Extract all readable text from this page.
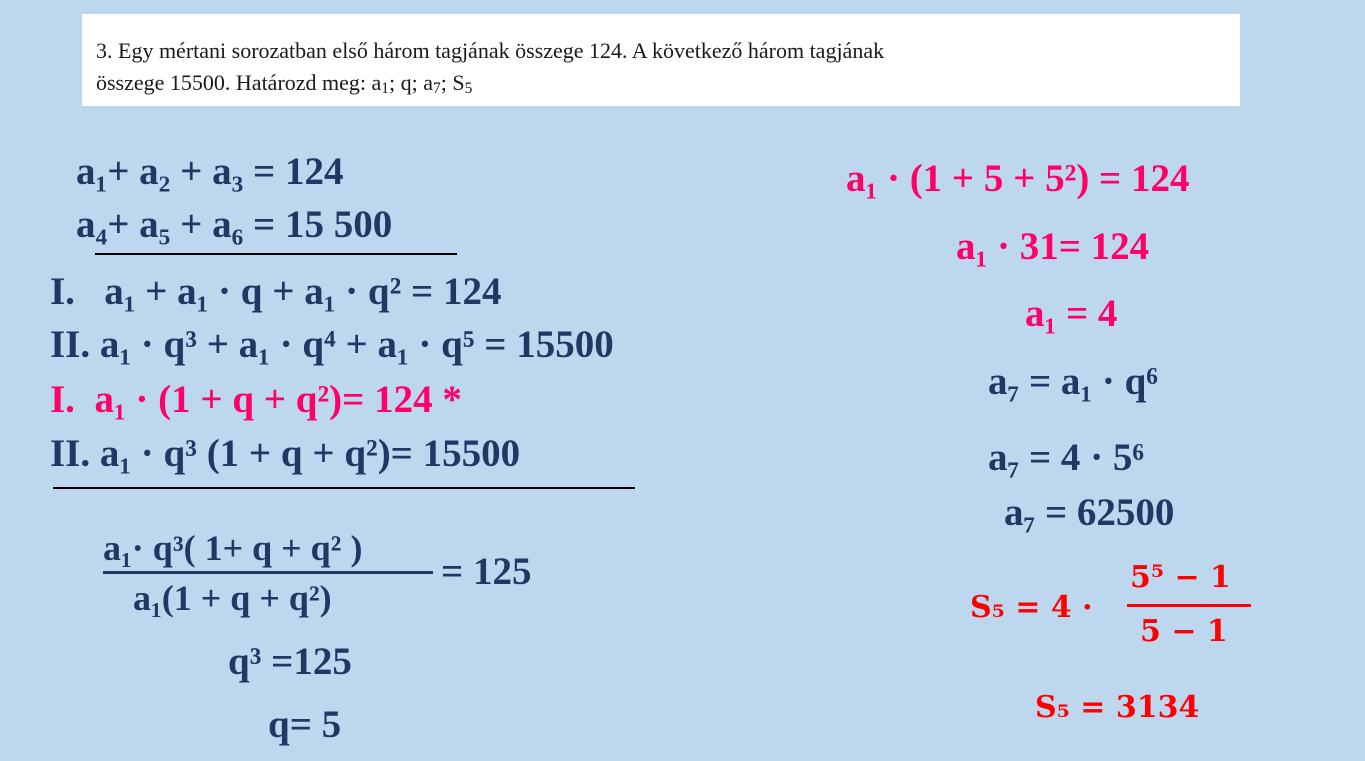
3. Egy mértani sorozatban első három tagjának összege 124. A következő három tagjának

összege 15500. Határozd meg: $a_1$; q; $a_7$; $S_5$

a₁+ a₂ + a₃ = 124
a₄+ a₅ + a₆ = 15 500
I. a₁ + a₁ · q + a₁ · q² = 124
II. a₁ · q³ + a₁ · q⁴ + a₁ · q⁵ = 15500
I. a₁ · (1 + q + q²)= 124 *
II. a₁ · q³ (1 + q + q²)= 15500
a₁· q³( 1+ q + q² )
a₁(1 + q + q²)
= 125
q³ =125
q= 5
a₁ · (1 + 5 + 5²) = 124
a₁ · 31= 124
a₁ = 4
a₇ = a₁ · q⁶
a₇ = 4 · 5⁶
a₇ = 62500
S₅ = 4 ·
5⁵ − 1
5 − 1
S₅ = 3134
